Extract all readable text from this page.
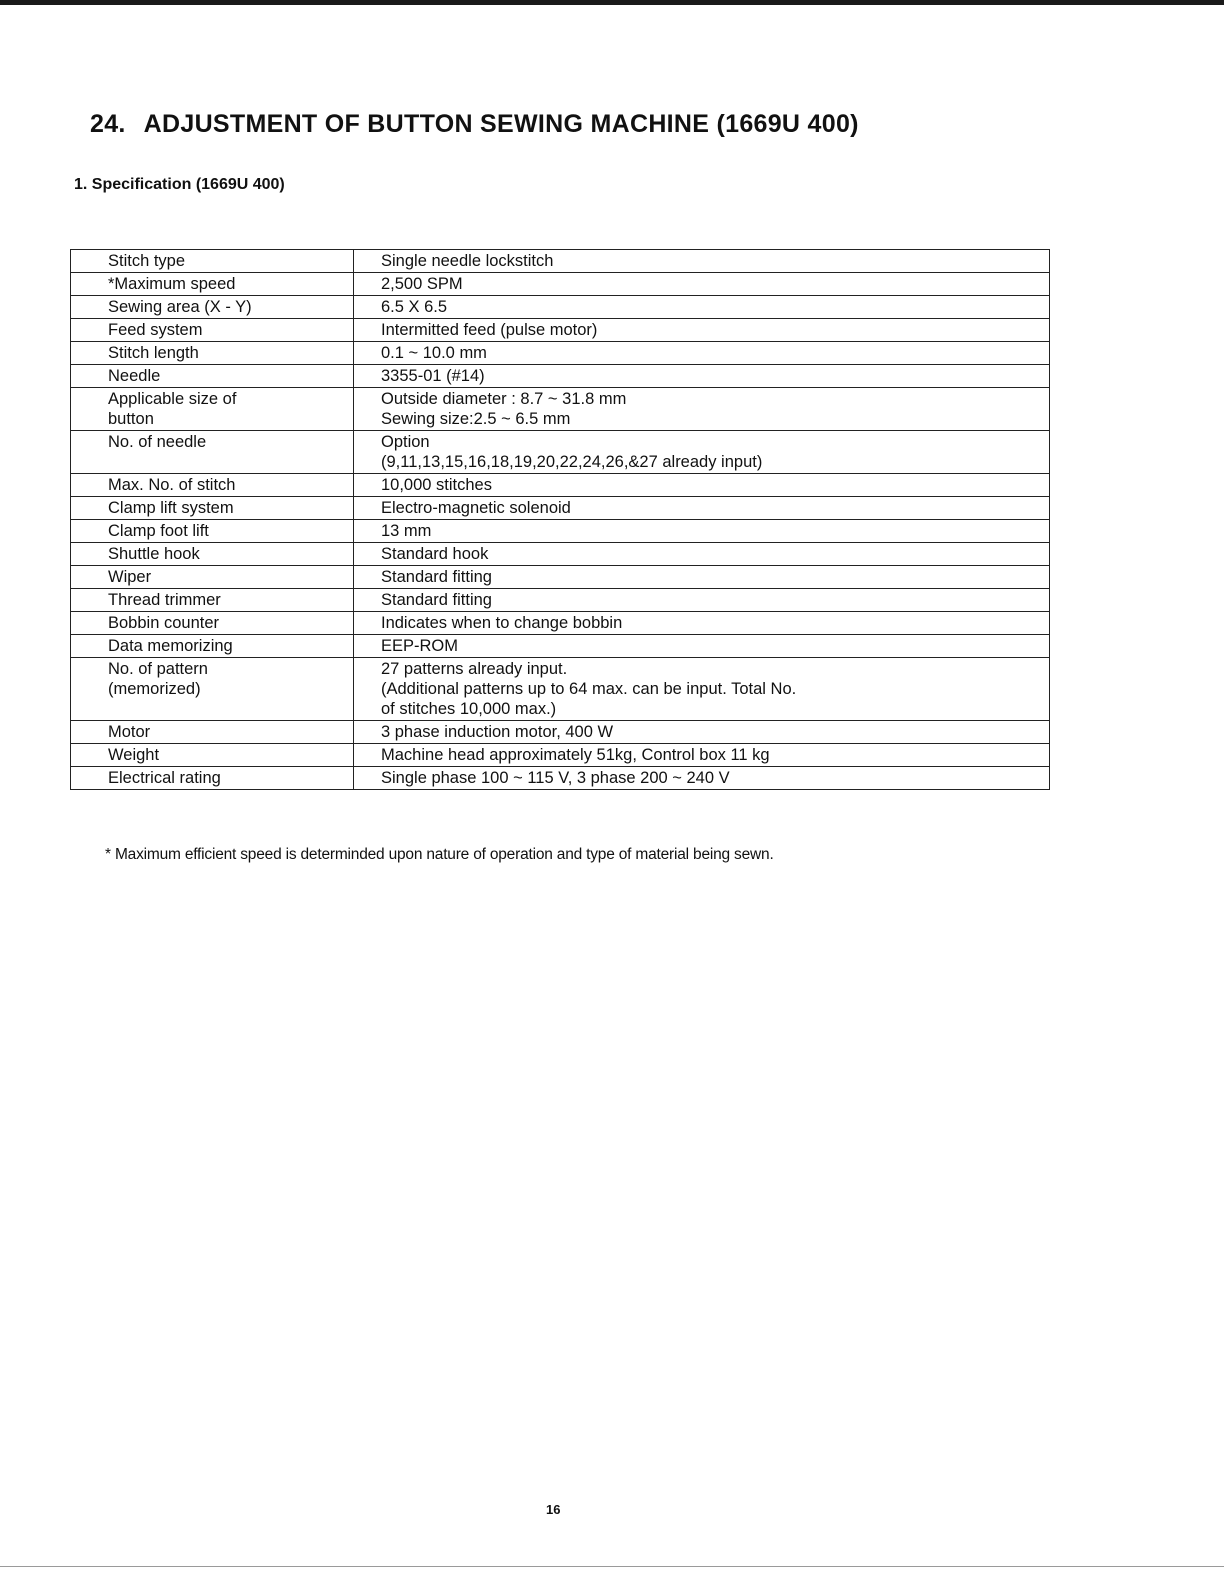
24. ADJUSTMENT OF BUTTON SEWING MACHINE (1669U 400)
1. Specification (1669U 400)
Stitch type	Single needle lockstitch

*Maximum speed	2,500 SPM

Sewing area (X - Y)	6.5 X 6.5

Feed system	Intermitted feed (pulse motor)

Stitch length	0.1 ~ 10.0 mm

Needle	3355-01 (#14)

Applicable size of
button	Outside diameter : 8.7 ~ 31.8 mm
Sewing size:2.5 ~ 6.5 mm

No. of needle	Option
(9,11,13,15,16,18,19,20,22,24,26,&27 already input)

Max. No. of stitch	10,000 stitches

Clamp lift system	Electro-magnetic solenoid

Clamp foot lift	13 mm

Shuttle hook	Standard hook

Wiper	Standard fitting

Thread trimmer	Standard fitting

Bobbin counter	Indicates when to change bobbin

Data memorizing	EEP-ROM

No. of pattern
(memorized)	27 patterns already input.
(Additional patterns up to 64 max. can be input. Total No.
of stitches 10,000 max.)

Motor	3 phase induction motor, 400 W

Weight	Machine head approximately 51kg, Control box 11 kg

Electrical rating	Single phase 100 ~ 115 V, 3 phase 200 ~ 240 V
* Maximum efficient speed is determinded upon nature of operation and type of material being sewn.
16
